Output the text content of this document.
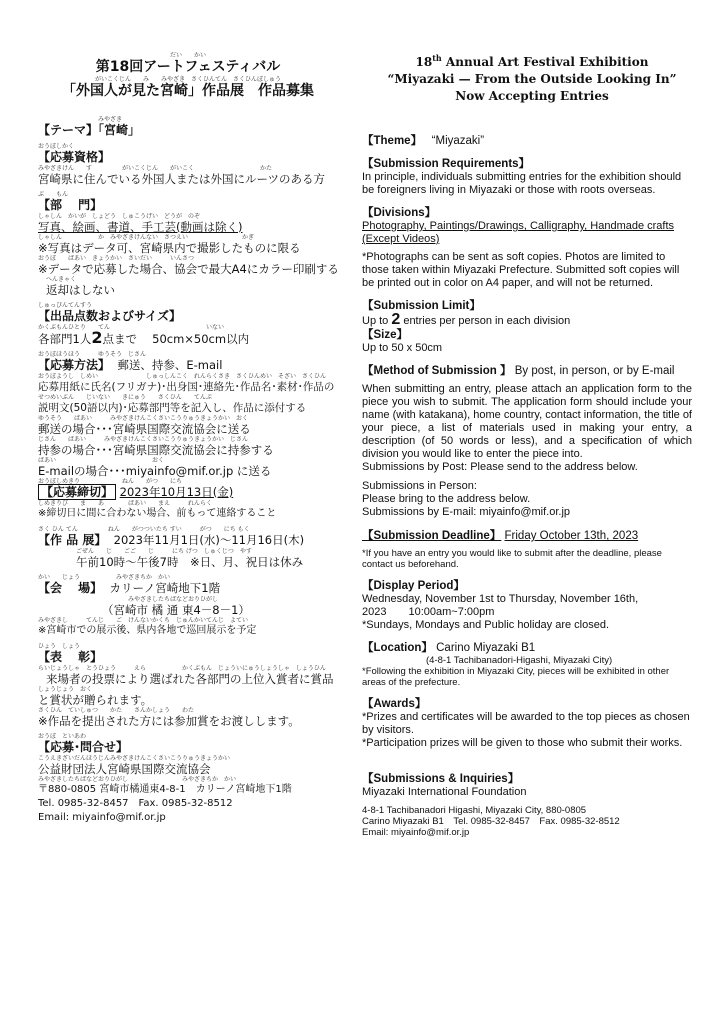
だい　　かい
第18回アートフェスティバル
がいこくじん　　み　　みやざき　さくひんてん　さくひんぼしゅう
「外国人が見た宮崎」作品展　作品募集
みやざき
【テーマ】「宮崎」
おうぼしかく
【応募資格】
みやざきけん　　す　　　　　がいこくじん　　がいこく　　　　　　　　　　　かた
宮崎県に住んでいる外国人または外国にルーツのある方
ぶ　　もん
【部　 門】
しゃしん　かいが　しょどう　しゅこうげい　どうが　のぞ
写真、絵画、書道、手工芸(動画は除く)
しゃしん　　　　　　か　みやざきけんない　さつえい　　　　　　　　　かぎ
※写真はデータ可、宮崎県内で撮影したものに限る
おうぼ　　ばあい　きょうかい　さいだい　　　いんさつ
※データで応募した場合、協会で最大A4にカラー印刷する
へんきゃく
返却はしない
しゅっぴんてんすう
【出品点数およびサイズ】
かくぶもんひとり　　てん　　　　　　　　　　　　　　　　いない
各部門1人2点まで　 50cm×50cm以内
おうぼほうほう　　　ゆうそう　じさん
【応募方法】 郵送、持参、E-mail
おうぼようし　しめい　　　　　　　　しゅっしんこく　れんらくさき　さくひんめい　そざい　さくひん
応募用紙に氏名(フリガナ)･出身国･連絡先･作品名･素材･作品の
せつめいぶん　　じいない　　きにゅう　　さくひん　　てんぷ
説明文(50語以内)･応募部門等を記入し、作品に添付する
ゆうそう　　ばあい　　　みやざきけんこくさいこうりゅうきょうかい　おく
郵送の場合･･･宮崎県国際交流協会に送る
じさん　　ばあい　　　みやざきけんこくさいこうりゅうきょうかい　じさん
持参の場合･･･宮崎県国際交流協会に持参する
ばあい　　　　　　　　　　　　　　　　おく
E-mailの場合･･･miyainfo@mif.or.jp に送る
おうぼしめきり　　　　　　　ねん　　がつ　　にち
【応募締切】 2023年10月13日(金)
しめきりび　　ま　　あ　　　　ばあい　　まえ　　　れんらく
※締切日に間に合わない場合、前もって連絡すること
さく ひん てん　　　　　ねん　　がつついたち すい　　　がつ　　にち もく
【作 品 展】 2023年11月1日(水)～11月16日(木)
ごぜん　　じ　　ごご　　じ　　　にち げつ　しゅくじつ　やす
午前10時～午後7時　※日、月、祝日は休み
かい　　じょう　　　　　　みやざきちか　かい
【会　 場】 カリーノ宮崎地下1階
みやざきしたちばなどおりひがし
（宮崎市 橘 通 東4－8－1）
みやざきし　　　てんじ　　ご　けんないかくち　じゅんかいてんじ　よてい
※宮崎市での展示後、県内各地で巡回展示を予定
ひょう　しょう
【表　 彰】
らいじょうしゃ　とうひょう　　　えら　　　　　　かくぶもん　じょういにゅうしょうしゃ　しょうひん
来場者の投票により選ばれた各部門の上位入賞者に賞品
しょうじょう　おく
と賞状が贈られます。
さくひん　ていしゅつ　　かた　　さんかしょう　　わた
※作品を提出された方には参加賞をお渡しします。
おうぼ　といあわ
【応募･問合せ】
こうえきざいだんほうじんみやざきけんこくさいこうりゅうきょうかい
公益財団法人宮崎県国際交流協会
みやざきしたちばなどおりひがし　　　　　　　　　みやざきちか　かい
〒880-0805 宮崎市橘通東4-8-1　カリーノ宮崎地下1階
Tel. 0985-32-8457　Fax. 0985-32-8512
Email: miyainfo@mif.or.jp
18th Annual Art Festival Exhibition
“Miyazaki — From the Outside Looking In”
Now Accepting Entries
【Theme】 “Miyazaki”
【Submission Requirements】

In principle, individuals submitting entries for the exhibition should be foreigners living in Miyazaki or those with roots overseas.

【Divisions】

Photography, Paintings/Drawings, Calligraphy, Handmade crafts (Except Videos)

*Photographs can be sent as soft copies. Photos are limited to those taken within Miyazaki Prefecture. Submitted soft copies will be printed out in color on A4 paper, and will not be returned.

【Submission Limit】

Up to 2 entries per person in each division

【Size】

Up to 50 x 50cm

【Method of Submission 】 By post, in person, or by E-mail

When submitting an entry, please attach an application form to the piece you wish to submit. The application form should include your name (with katakana), home country, contact information, the title of your piece, a list of materials used in making your entry, a description (of 50 words or less), and a specification of which division you would like to enter the piece into.

Submissions by Post: Please send to the address below.

Submissions in Person:

Please bring to the address below.

Submissions by E-mail: miyainfo@mif.or.jp

【Submission Deadline】 Friday October 13th, 2023

*If you have an entry you would like to submit after the deadline, please contact us beforehand.

【Display Period】

Wednesday, November 1st to Thursday, November 16th,

2023　　10:00am~7:00pm

*Sundays, Mondays and Public holiday are closed.

【Location】 Carino Miyazaki B1

(4-8-1 Tachibanadori-Higashi, Miyazaki City)

*Following the exhibition in Miyazaki City, pieces will be exhibited in other areas of the prefecture.

【Awards】

*Prizes and certificates will be awarded to the top pieces as chosen by visitors.

*Participation prizes will be given to those who submit their works.

【Submissions & Inquiries】

Miyazaki International Foundation

4-8-1 Tachibanadori Higashi, Miyazaki City, 880-0805

Carino Miyazaki B1　Tel. 0985-32-8457　Fax. 0985-32-8512

Email: miyainfo@mif.or.jp
